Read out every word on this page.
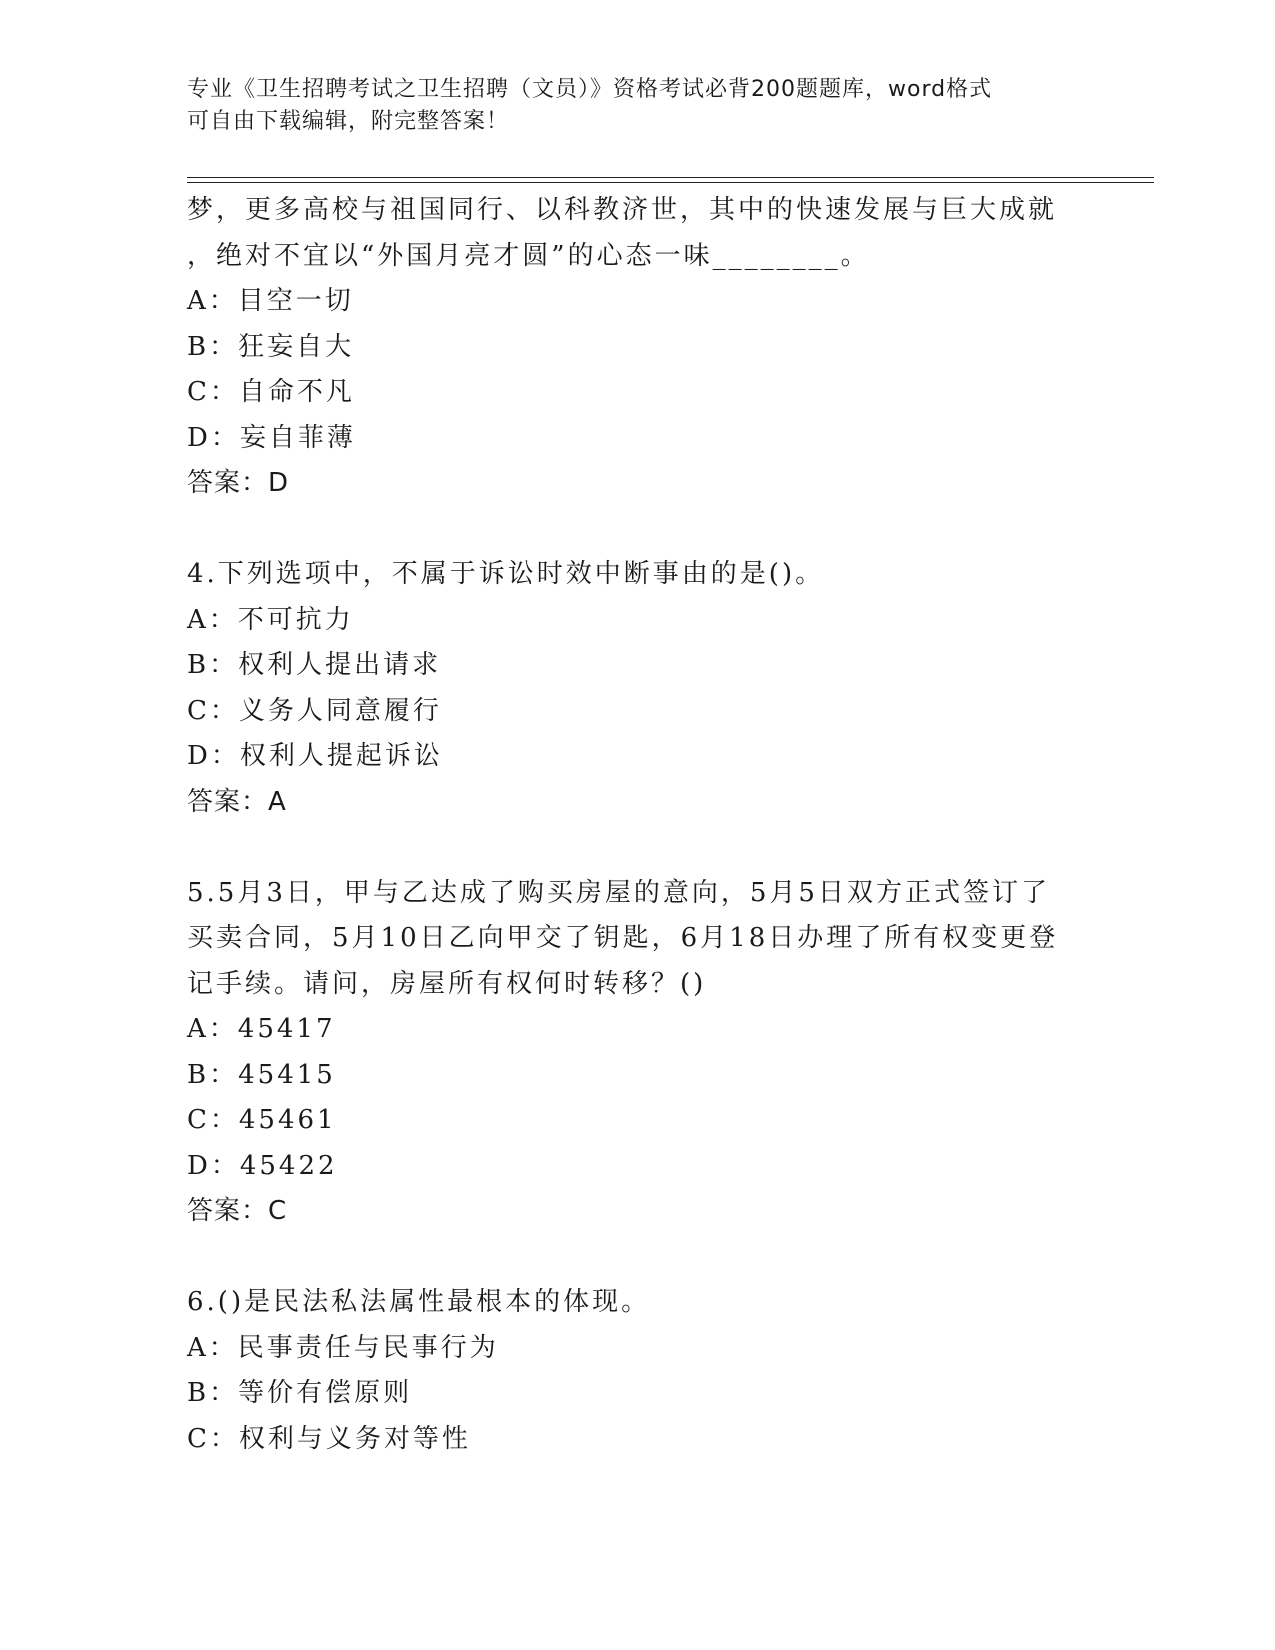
专业《卫生招聘考试之卫生招聘（文员）》资格考试必背200题题库，word格式
可自由下载编辑，附完整答案！
梦，更多高校与祖国同行、以科教济世，其中的快速发展与巨大成就
，绝对不宜以“外国月亮才圆”的心态一味________。
A：目空一切
B：狂妄自大
C：自命不凡
D：妄自菲薄
答案：D
4.下列选项中，不属于诉讼时效中断事由的是()。
A：不可抗力
B：权利人提出请求
C：义务人同意履行
D：权利人提起诉讼
答案：A
5.5月3日，甲与乙达成了购买房屋的意向，5月5日双方正式签订了
买卖合同，5月10日乙向甲交了钥匙，6月18日办理了所有权变更登
记手续。请问，房屋所有权何时转移？()
A：45417
B：45415
C：45461
D：45422
答案：C
6.()是民法私法属性最根本的体现。
A：民事责任与民事行为
B：等价有偿原则
C：权利与义务对等性
